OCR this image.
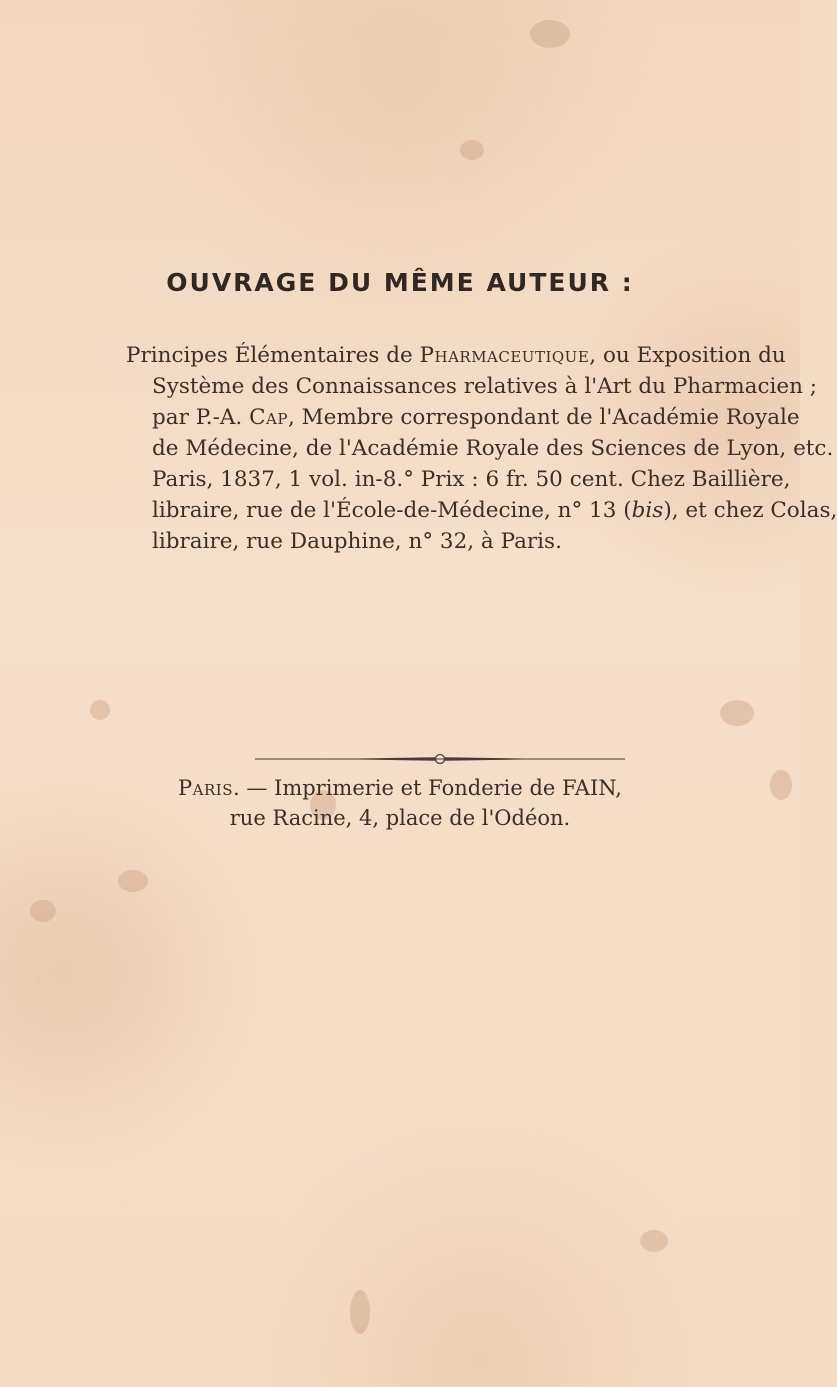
OUVRAGE DU MÊME AUTEUR :
Principes Élémentaires de Pharmaceutique, ou Exposition du
Système des Connaissances relatives à l'Art du Pharmacien ;
par P.-A. Cap, Membre correspondant de l'Académie Royale
de Médecine, de l'Académie Royale des Sciences de Lyon, etc.
Paris, 1837, 1 vol. in-8.° Prix : 6 fr. 50 cent. Chez Baillière,
libraire, rue de l'École-de-Médecine, n° 13 (bis), et chez Colas,
libraire, rue Dauphine, n° 32, à Paris.
Paris. — Imprimerie et Fonderie de FAIN,
rue Racine, 4, place de l'Odéon.
